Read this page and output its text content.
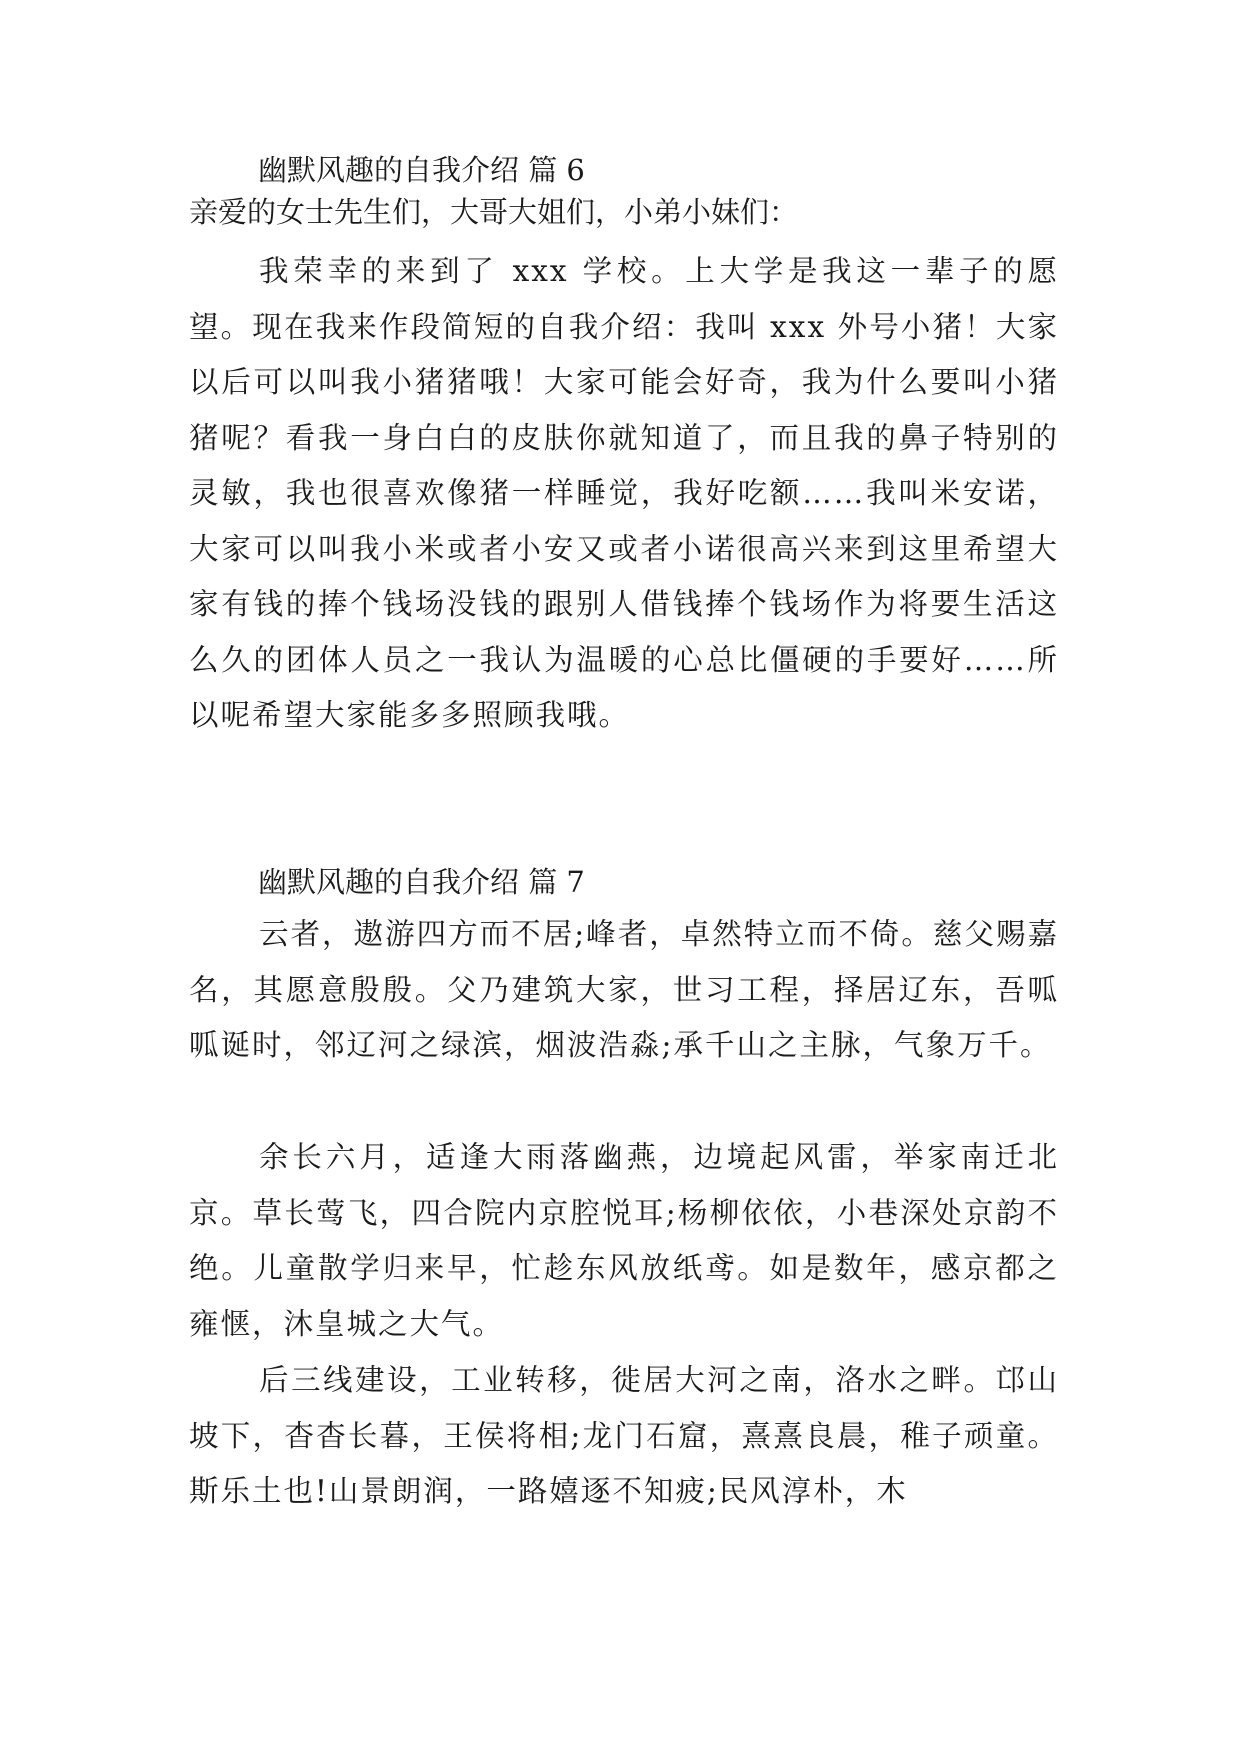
幽默风趣的自我介绍 篇 6
亲爱的女士先生们，大哥大姐们，小弟小妹们：

我荣幸的来到了 xxx 学校。上大学是我这一辈子的愿望。现在我来作段简短的自我介绍：我叫 xxx 外号小猪！大家以后可以叫我小猪猪哦！大家可能会好奇，我为什么要叫小猪猪呢？看我一身白白的皮肤你就知道了，而且我的鼻子特别的灵敏，我也很喜欢像猪一样睡觉，我好吃额……我叫米安诺，大家可以叫我小米或者小安又或者小诺很高兴来到这里希望大家有钱的捧个钱场没钱的跟别人借钱捧个钱场作为将要生活这么久的团体人员之一我认为温暖的心总比僵硬的手要好……所以呢希望大家能多多照顾我哦。

幽默风趣的自我介绍 篇 7

云者，遨游四方而不居;峰者，卓然特立而不倚。慈父赐嘉名，其愿意殷殷。父乃建筑大家，世习工程，择居辽东，吾呱呱诞时，邻辽河之绿滨，烟波浩淼;承千山之主脉，气象万千。

余长六月，适逢大雨落幽燕，边境起风雷，举家南迁北京。草长莺飞，四合院内京腔悦耳;杨柳依依，小巷深处京韵不绝。儿童散学归来早，忙趁东风放纸鸢。如是数年，感京都之雍惬，沐皇城之大气。

后三线建设，工业转移，徙居大河之南，洛水之畔。邙山坡下，杳杳长暮，王侯将相;龙门石窟，熹熹良晨，稚子顽童。斯乐土也!山景朗润，一路嬉逐不知疲;民风淳朴，木
